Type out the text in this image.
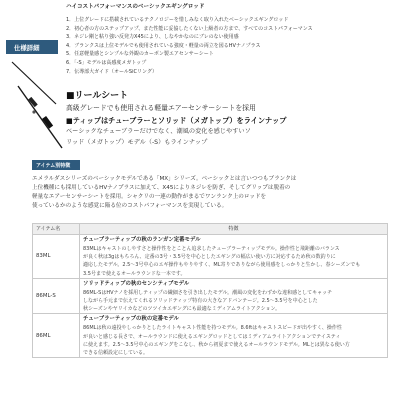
ハイコストパフォーマンスのベーシックエギングロッド

1．上位グレードに搭載されているテクノロジーを惜しみなく取り入れたベーシックエギングロッド
2．初心者の方のステップアップ、また性能に妥協したくない上級者の方まで、すべてのコストパフォーマンス
3．ネジレ剛と粘り強い反発力X45により、しなやかなのにブレのない使用感
4．ブランクスは上位モデルでも使用されている強度・軽量の両立を図るHVナノプラス
5．任意軽量感とシンプルな外観のカーボン製エアセンサーシート
6．「-S」モデルは高感度メガトップ
7．伝導部大ガイド（オールSiCリング）
仕様詳細

■リールシート

高級グレードでも使用される軽量エアーセンサーシートを採用

■ティップはチューブラーとソリッド（メガトップ）をラインナップ

ベーシックなチューブラーだけでなく、潮風の変化を感じやすいソ

リッド（メガトップ）モデル（-S）もラインナップ

アイテム別特徴

エメラルダスシリーズのベーシックモデルである「MX」シリーズ。ベーシックとは言いつつもブランクは

上位機種にも採用しているHVナノプラスに加えて、X45によりネジレを防ぎ、そしてグリップは脱着の

軽量なエアーセンサーシートを採用。シャクリの一連の動作がまるでワンランク上のロッドを

使っているかのような感覚に陥る位のコストパフォーマンスを実現している。

アイテム名	特徴
83ML	チューブラーティップの秋のランガン定番モデル
83MLはキャストのしやすさと操作性をとことん追求したチューブラーティップモデル。操作性と飛距離のバランス
が良く秋は3gはもちろん、定番の3号・3.5号を中心としたエギングの幅広い使い方に対応するため秋の数釣りに
適応したモデル。2.5～3号中心のエギ操作もやりやすく、ML寄りでありながら使用感をしっかりと生かし、春シーズンでも
3.5号まで使えるオールラウンドな一本です。

86ML-S	ソリッドティップの秋のセンシティブモデル
86ML-SはHVナノを採用しティップの繊細さを引き出したモデル。潮風の変化をわずかな違和感としてキャッチ
しながら手元まで伝えてくれるソリッドティップ特有の大きなアドバンテージ。2.5～3.5号を中心とした
秋シーズンやヤリイカなどのツツイカエギングにも最適なミディアムライトアクション。

86ML	チューブラーティップの秋の定番モデル
86MLは秋の遠投やしっかりとしたライトキャスト性能を持つモデル。8.6ftはキャストスピードが出やすく、操作性
が良いと感じる長さで、オールラウンドに使えるエギングロッドとしてはミディアムライトアクションでテイスティ
に使えます。2.5～3.5号中心のエギングをこなし、秋から初夏まで使えるオールラウンドモデル。MLとは異なる使い方
できる信頼設定にしている。
